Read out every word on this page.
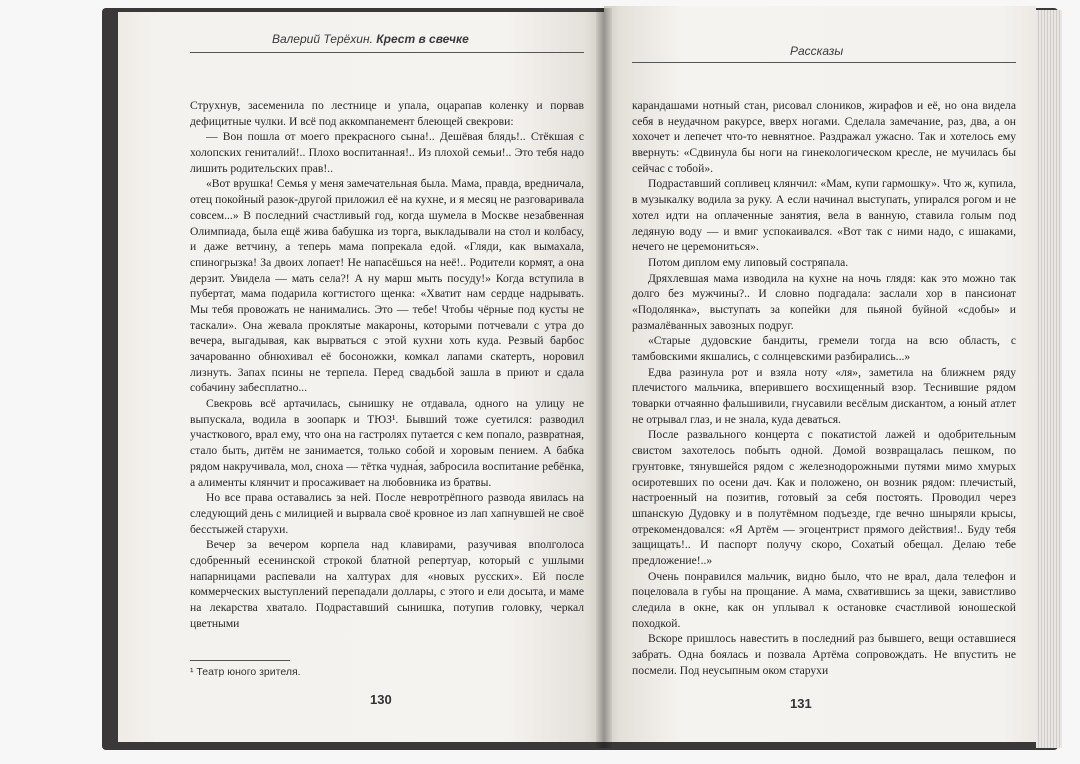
Валерий Терёхин. Крест в свечке

Струхнув, засеменила по лестнице и упала, оцарапав коленку и порвав дефицитные чулки. И всё под аккомпанемент блеющей свекрови:

— Вон пошла от моего прекрасного сына!.. Дешёвая блядь!.. Стёкшая с холопских гениталий!.. Плохо воспитанная!.. Из плохой семьи!.. Это тебя надо лишить родительских прав!..

«Вот врушка! Семья у меня замечательная была. Мама, правда, вредничала, отец покойный разок-другой приложил её на кухне, и я месяц не разговаривала совсем...» В последний счастливый год, когда шумела в Москве незабвенная Олимпиада, была ещё жива бабушка из торга, выкладывали на стол и колбасу, и даже ветчину, а теперь мама попрекала едой. «Гляди, как вымахала, спиногрызка! За двоих лопает! Не напасёшься на неё!.. Родители кормят, а она дерзит. Увидела — мать села?! А ну марш мыть посуду!» Когда вступила в пубертат, мама подарила когтистого щенка: «Хватит нам сердце надрывать. Мы тебя провожать не нанимались. Это — тебе! Чтобы чёрные под кусты не таскали». Она жевала проклятые макароны, которыми потчевали с утра до вечера, выгадывая, как вырваться с этой кухни хоть куда. Резвый барбос зачарованно обнюхивал её босоножки, комкал лапами скатерть, норовил лизнуть. Запах псины не терпела. Перед свадьбой зашла в приют и сдала собачину забесплатно...

Свекровь всё артачилась, сынишку не отдавала, одного на улицу не выпускала, водила в зоопарк и ТЮЗ¹. Бывший тоже суетился: разводил участкового, врал ему, что она на гастролях путается с кем попало, развратная, стало быть, дитём не занимается, только собой и хоровым пением. А бабка рядом накручивала, мол, сноха — тётка чудна́я, забросила воспитание ребёнка, а алименты клянчит и просаживает на любовника из братвы.

Но все права оставались за ней. После невротрёпного развода явилась на следующий день с милицией и вырвала своё кровное из лап хапнувшей не своё бесстыжей старухи.

Вечер за вечером корпела над клавирами, разучивая вполголоса сдобренный есенинской строкой блатной репертуар, который с ушлыми напарницами распевали на халтурах для «новых русских». Ей после коммерческих выступлений перепадали доллары, с этого и ели досыта, и маме на лекарства хватало. Подраставший сынишка, потупив головку, черкал цветными

¹ Театр юного зрителя.
130
Рассказы

карандашами нотный стан, рисовал слоников, жирафов и её, но она видела себя в неудачном ракурсе, вверх ногами. Сделала замечание, раз, два, а он хохочет и лепечет что-то невнятное. Раздражал ужасно. Так и хотелось ему ввернуть: «Сдвинула бы ноги на гинекологическом кресле, не мучилась бы сейчас с тобой».

Подраставший сопливец клянчил: «Мам, купи гармошку». Что ж, купила, в музыкалку водила за руку. А если начинал выступать, упирался рогом и не хотел идти на оплаченные занятия, вела в ванную, ставила голым под ледяную воду — и вмиг успокаивался. «Вот так с ними надо, с ишаками, нечего не церемониться».

Потом диплом ему липовый состряпала.

Дряхлевшая мама изводила на кухне на ночь глядя: как это можно так долго без мужчины?.. И словно подгадала: заслали хор в пансионат «Подолянка», выступать за копейки для пьяной буйной «сдобы» и размалёванных завозных подруг.

«Старые дудовские бандиты, гремели тогда на всю область, с тамбовскими якшались, с солнцевскими разбирались...»

Едва разинула рот и взяла ноту «ля», заметила на ближнем ряду плечистого мальчика, вперившего восхищенный взор. Теснившие рядом товарки отчаянно фальшивили, гнусавили весёлым дискантом, а юный атлет не отрывал глаз, и не знала, куда деваться.

После развального концерта с покатистой лажей и одобрительным свистом захотелось побыть одной. Домой возвращалась пешком, по грунтовке, тянувшейся рядом с железнодорожными путями мимо хмурых осиротевших по осени дач. Как и положено, он возник рядом: плечистый, настроенный на позитив, готовый за себя постоять. Проводил через шпанскую Дудовку и в полутёмном подъезде, где вечно шныряли крысы, отрекомендовался: «Я Артём — эгоцентрист прямого действия!.. Буду тебя защищать!.. И паспорт получу скоро, Сохатый обещал. Делаю тебе предложение!..»

Очень понравился мальчик, видно было, что не врал, дала телефон и поцеловала в губы на прощание. А мама, схватившись за щеки, завистливо следила в окне, как он уплывал к остановке счастливой юношеской походкой.

Вскоре пришлось навестить в последний раз бывшего, вещи оставшиеся забрать. Одна боялась и позвала Артёма сопровождать. Не впустить не посмели. Под неусыпным оком старухи

131
